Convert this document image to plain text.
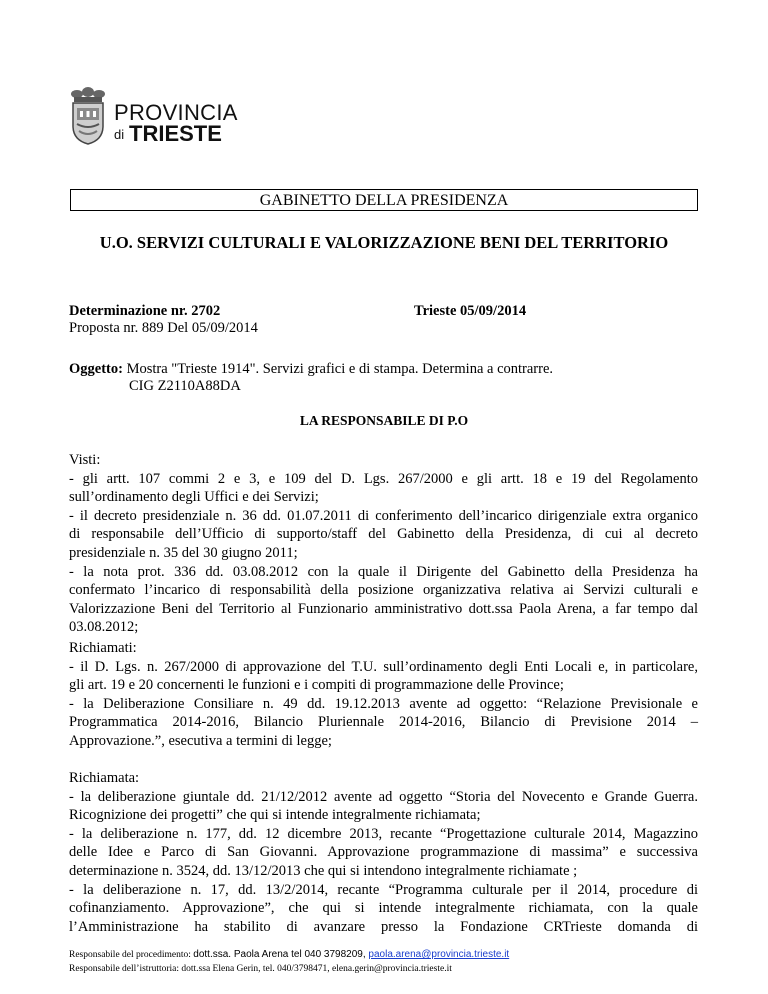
PROVINCIA
di TRIESTE
GABINETTO DELLA PRESIDENZA
U.O. SERVIZI CULTURALI E VALORIZZAZIONE BENI DEL TERRITORIO
Determinazione nr. 2702
Proposta nr. 889 Del 05/09/2014
Trieste 05/09/2014
Oggetto: Mostra "Trieste 1914". Servizi grafici e di stampa. Determina a contrarre.
CIG Z2110A88DA
LA RESPONSABILE DI P.O
Visti:
- gli artt. 107 commi 2 e 3, e 109 del D. Lgs. 267/2000 e gli artt. 18 e 19 del Regolamento
sull’ordinamento degli Uffici e dei Servizi;
- il decreto presidenziale n. 36 dd. 01.07.2011 di conferimento dell’incarico dirigenziale extra organico
di responsabile dell’Ufficio di supporto/staff del Gabinetto della Presidenza, di cui al decreto
presidenziale n. 35 del 30 giugno 2011;
- la nota prot. 336 dd. 03.08.2012 con la quale il Dirigente del Gabinetto della Presidenza ha
confermato l’incarico di responsabilità della posizione organizzativa relativa ai Servizi culturali e
Valorizzazione Beni del Territorio al Funzionario amministrativo dott.ssa Paola Arena, a far tempo dal
03.08.2012;
Richiamati:
- il D. Lgs. n. 267/2000 di approvazione del T.U. sull’ordinamento degli Enti Locali e, in particolare,
gli art. 19 e 20 concernenti le funzioni e i compiti di programmazione delle Province;
- la Deliberazione Consiliare n. 49 dd. 19.12.2013 avente ad oggetto: “Relazione Previsionale e
Programmatica 2014-2016, Bilancio Pluriennale 2014-2016, Bilancio di Previsione 2014 –
Approvazione.”, esecutiva a termini di legge;
Richiamata:
- la deliberazione giuntale dd. 21/12/2012 avente ad oggetto “Storia del Novecento e Grande Guerra.
Ricognizione dei progetti” che qui si intende integralmente richiamata;
- la deliberazione n. 177, dd. 12 dicembre 2013, recante “Progettazione culturale 2014, Magazzino
delle Idee e Parco di San Giovanni. Approvazione programmazione di massima” e successiva
determinazione n. 3524, dd. 13/12/2013 che qui si intendono integralmente richiamate ;
- la deliberazione n. 17, dd. 13/2/2014, recante “Programma culturale per il 2014, procedure di
cofinanziamento. Approvazione”, che qui si intende integralmente richiamata, con la quale
l’Amministrazione ha stabilito di avanzare presso la Fondazione CRTrieste domanda di
Responsabile del procedimento: dott.ssa. Paola Arena tel 040 3798209, paola.arena@provincia.trieste.it
Responsabile dell’istruttoria: dott.ssa Elena Gerin, tel. 040/3798471, elena.gerin@provincia.trieste.it
